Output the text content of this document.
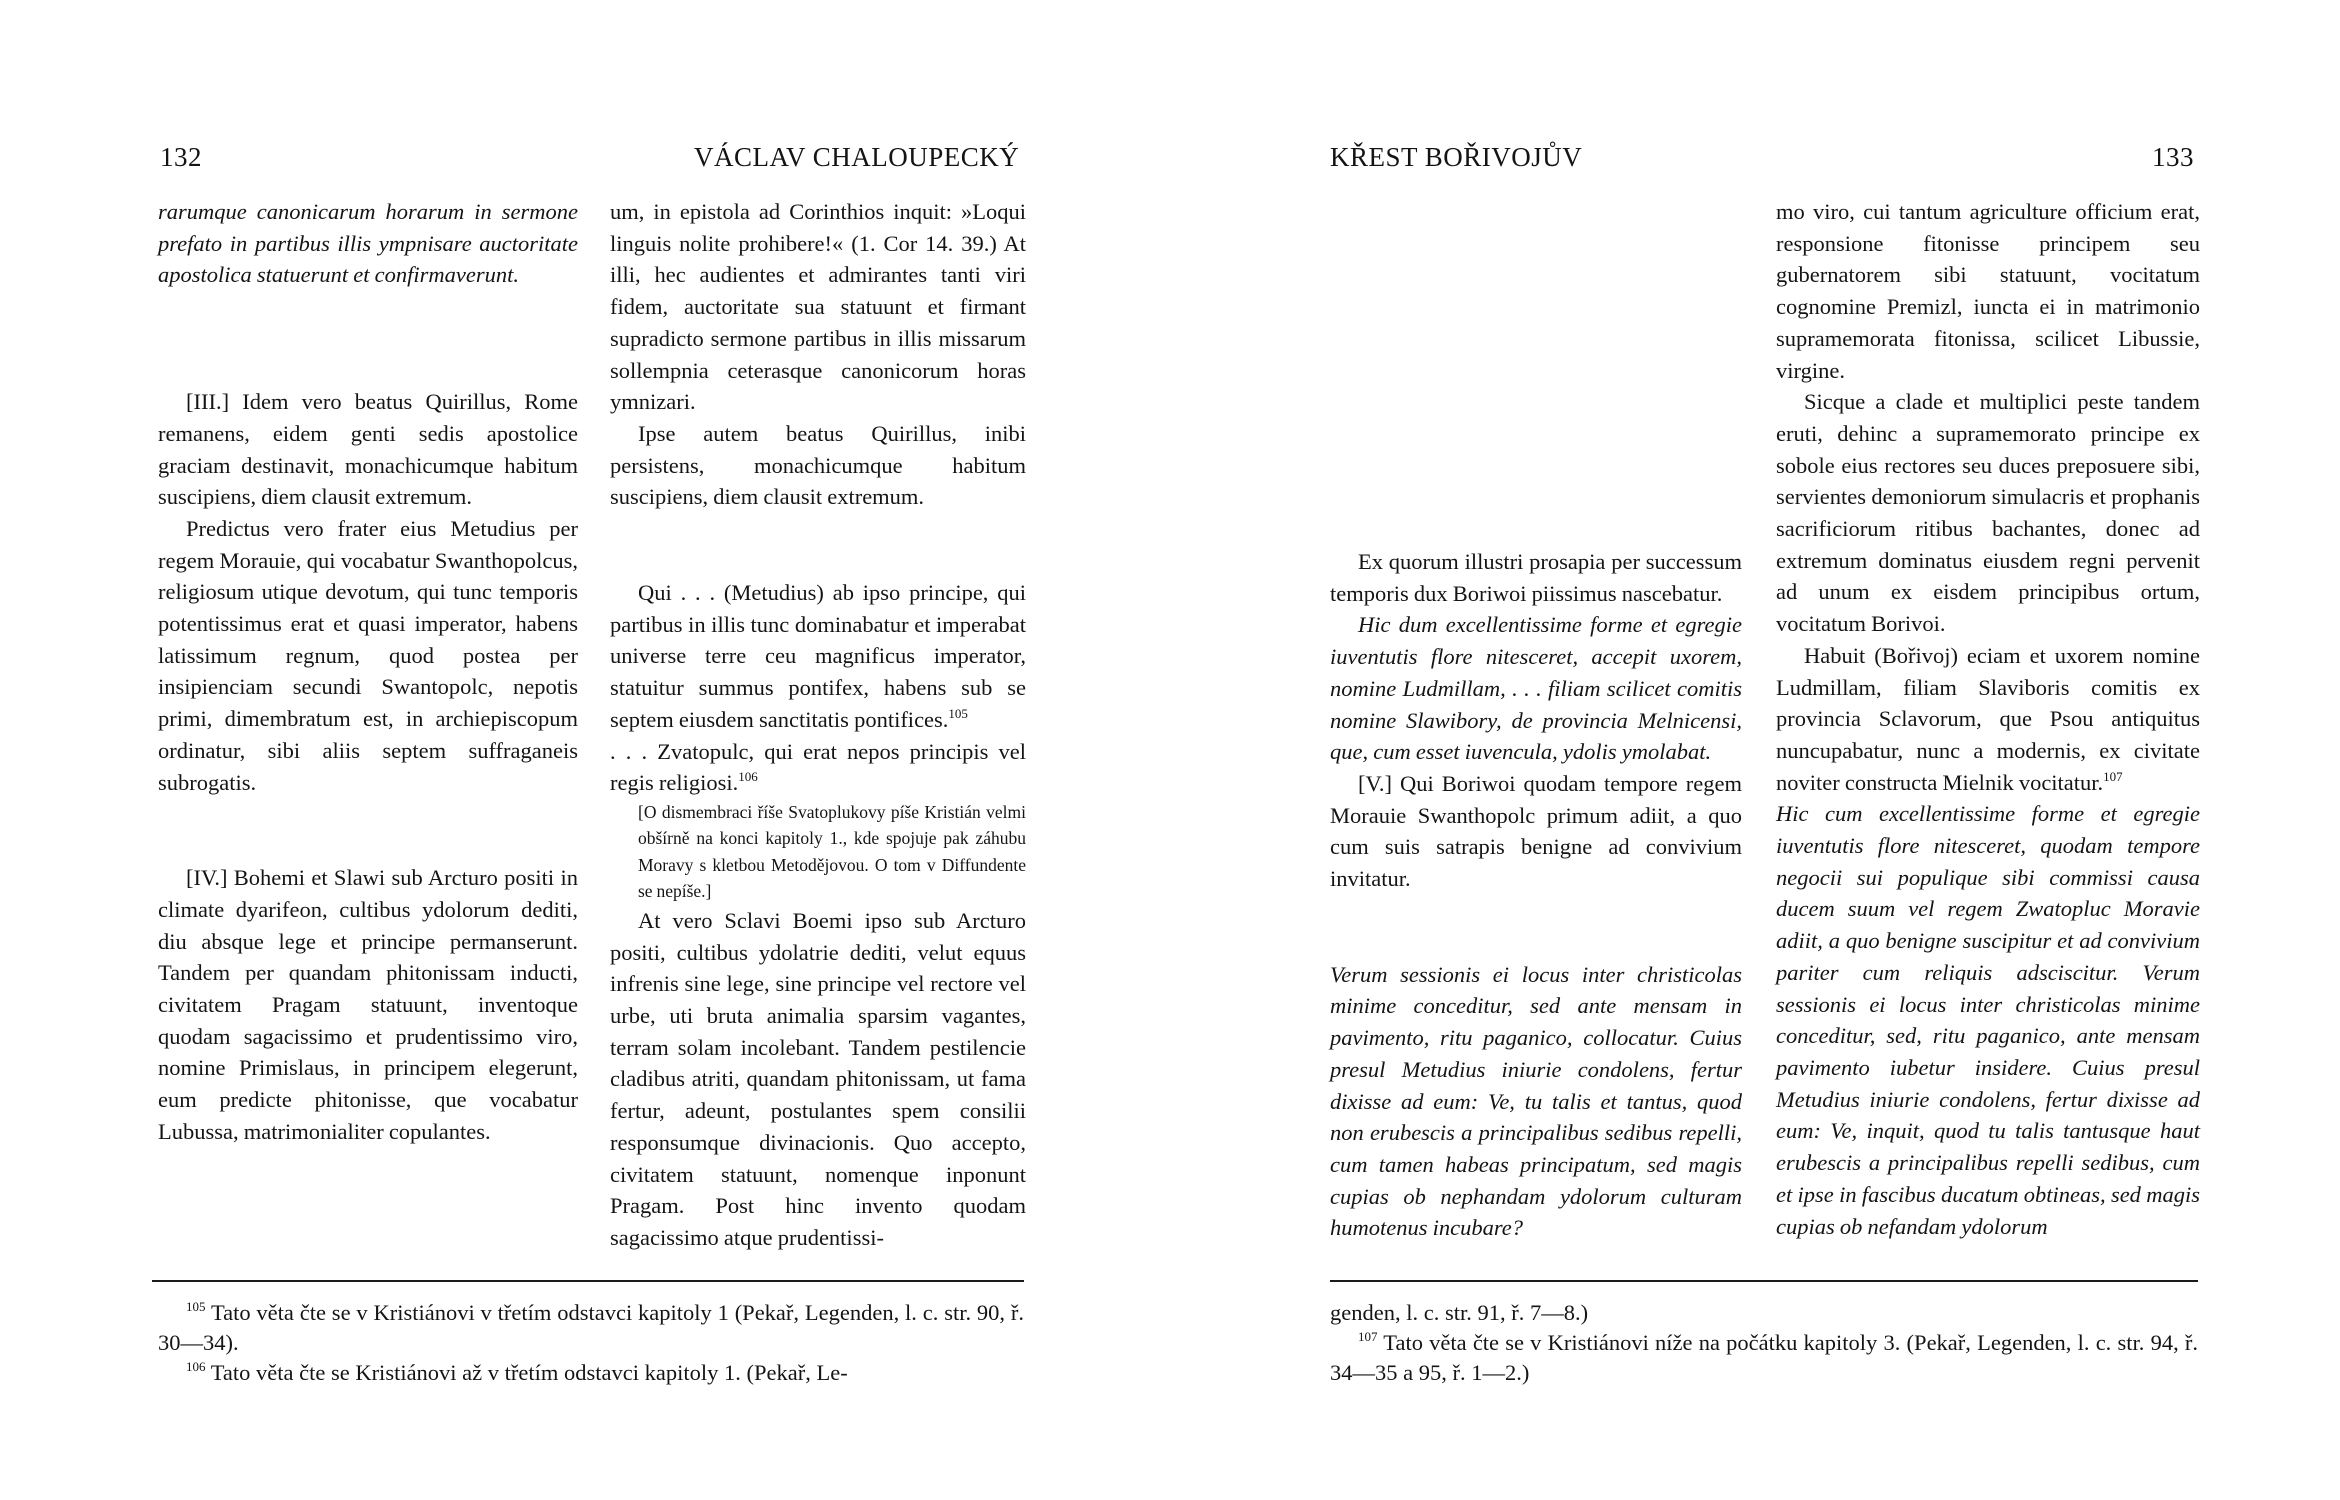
132	VÁCLAV CHALOUPECKÝ

rarumque canonicarum horarum in sermone prefato in partibus illis ympnisare auctoritate apostolica statuerunt et confirmaverunt.

[III.] Idem vero beatus Quirillus, Rome remanens, eidem genti sedis apostolice graciam destinavit, monachicumque habitum suscipiens, diem clausit extremum.

Predictus vero frater eius Metudius per regem Morauie, qui vocabatur Swanthopolcus, religiosum utique devotum, qui tunc temporis potentissimus erat et quasi imperator, habens latissimum regnum, quod postea per insipienciam secundi Swantopolc, nepotis primi, dimembratum est, in archiepiscopum ordinatur, sibi aliis septem suffraganeis subrogatis.

[IV.] Bohemi et Slawi sub Arcturo positi in climate dyarifeon, cultibus ydolorum dediti, diu absque lege et principe permanserunt. Tandem per quandam phitonissam inducti, civitatem Pragam statuunt, inventoque quodam sagacissimo et prudentissimo viro, nomine Primislaus, in principem elegerunt, eum predicte phitonisse, que vocabatur Lubussa, matrimonialiter copulantes.

um, in epistola ad Corinthios inquit: »Loqui linguis nolite prohibere!« (1. Cor 14. 39.) At illi, hec audientes et admirantes tanti viri fidem, auctoritate sua statuunt et firmant supradicto sermone partibus in illis missarum sollempnia ceterasque canonicorum horas ymnizari.

Ipse autem beatus Quirillus, inibi persistens, monachicumque habitum suscipiens, diem clausit extremum.

Qui . . . (Metudius) ab ipso principe, qui partibus in illis tunc dominabatur et imperabat universe terre ceu magnificus imperator, statuitur summus pontifex, habens sub se septem eiusdem sanctitatis pontifices.$^{105}$

. . . Zvatopulc, qui erat nepos principis vel regis religiosi.$^{106}$

[O dismembraci říše Svatoplukovy píše Kristián velmi obšírně na konci kapitoly 1., kde spojuje pak záhubu Moravy s kletbou Metodějovou. O tom v Diffundente se nepíše.]

At vero Sclavi Boemi ipso sub Arcturo positi, cultibus ydolatrie dediti, velut equus infrenis sine lege, sine principe vel rectore vel urbe, uti bruta animalia sparsim vagantes, terram solam incolebant. Tandem pestilencie cladibus atriti, quandam phitonissam, ut fama fertur, adeunt, postulantes spem consilii responsumque divinacionis. Quo accepto, civitatem statuunt, nomenque inponunt Pragam. Post hinc invento quodam sagacissimo atque prudentissi-

$^{105}$ Tato věta čte se v Kristiánovi v třetím odstavci kapitoly 1 (Pekař, Legenden, l. c. str. 90, ř. 30—34).

$^{106}$ Tato věta čte se Kristiánovi až v třetím odstavci kapitoly 1. (Pekař, Le-

KŘEST BOŘIVOJŮV	133

Ex quorum illustri prosapia per successum temporis dux Boriwoi piissimus nascebatur.

Hic dum excellentissime forme et egregie iuventutis flore nitesceret, accepit uxorem, nomine Ludmillam, . . . filiam scilicet comitis nomine Slawibory, de provincia Melnicensi, que, cum esset iuvencula, ydolis ymolabat.

[V.] Qui Boriwoi quodam tempore regem Morauie Swanthopolc primum adiit, a quo cum suis satrapis benigne ad convivium invitatur.

Verum sessionis ei locus inter christicolas minime conceditur, sed ante mensam in pavimento, ritu paganico, collocatur. Cuius presul Metudius iniurie condolens, fertur dixisse ad eum: Ve, tu talis et tantus, quod non erubescis a principalibus sedibus repelli, cum tamen habeas principatum, sed magis cupias ob nephandam ydolorum culturam humotenus incubare?

mo viro, cui tantum agriculture officium erat, responsione fitonisse principem seu gubernatorem sibi statuunt, vocitatum cognomine Premizl, iuncta ei in matrimonio supramemorata fitonissa, scilicet Libussie, virgine.

Sicque a clade et multiplici peste tandem eruti, dehinc a supramemorato principe ex sobole eius rectores seu duces preposuere sibi, servientes demoniorum simulacris et prophanis sacrificiorum ritibus bachantes, donec ad extremum dominatus eiusdem regni pervenit ad unum ex eisdem principibus ortum, vocitatum Borivoi.

Habuit (Bořivoj) eciam et uxorem nomine Ludmillam, filiam Slaviboris comitis ex provincia Sclavorum, que Psou antiquitus nuncupabatur, nunc a modernis, ex civitate noviter constructa Mielnik vocitatur.$^{107}$

Hic cum excellentissime forme et egregie iuventutis flore nitesceret, quodam tempore negocii sui populique sibi commissi causa ducem suum vel regem Zwatopluc Moravie adiit, a quo benigne suscipitur et ad convivium pariter cum reliquis adsciscitur. Verum sessionis ei locus inter christicolas minime conceditur, sed, ritu paganico, ante mensam pavimento iubetur insidere. Cuius presul Metudius iniurie condolens, fertur dixisse ad eum: Ve, inquit, quod tu talis tantusque haut erubescis a principalibus repelli sedibus, cum et ipse in fascibus ducatum obtineas, sed magis cupias ob nefandam ydolorum

genden, l. c. str. 91, ř. 7—8.)

$^{107}$ Tato věta čte se v Kristiánovi níže na počátku kapitoly 3. (Pekař, Legenden, l. c. str. 94, ř. 34—35 a 95, ř. 1—2.)
